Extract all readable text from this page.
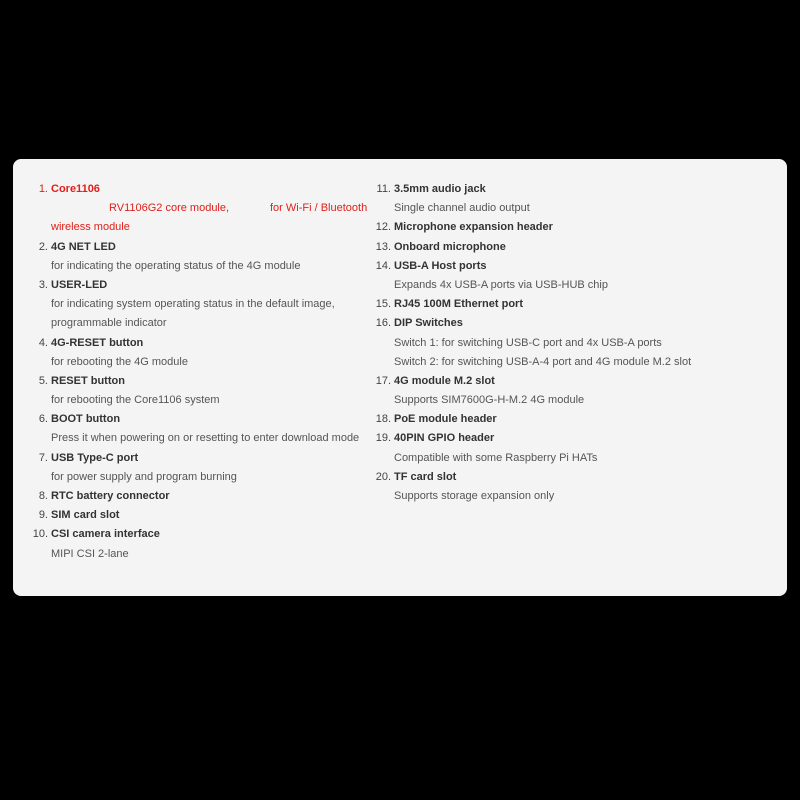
1. Core1106
RV1106G2 core module,	for Wi-Fi / Bluetooth
wireless module
2. 4G NET LED
for indicating the operating status of the 4G module
3. USER-LED
for indicating system operating status in the default image,
programmable indicator
4. 4G-RESET button
for rebooting the 4G module
5. RESET button
for rebooting the Core1106 system
6. BOOT button
Press it when powering on or resetting to enter download mode
7. USB Type-C port
for power supply and program burning
8. RTC battery connector
9. SIM card slot
10. CSI camera interface
MIPI CSI 2-lane
11. 3.5mm audio jack
Single channel audio output
12. Microphone expansion header
13. Onboard microphone
14. USB-A Host ports
Expands 4x USB-A ports via USB-HUB chip
15. RJ45 100M Ethernet port
16. DIP Switches
Switch 1: for switching USB-C port and 4x USB-A ports
Switch 2: for switching USB-A-4 port and 4G module M.2 slot
17. 4G module M.2 slot
Supports SIM7600G-H-M.2 4G module
18. PoE module header
19. 40PIN GPIO header
Compatible with some Raspberry Pi HATs
20. TF card slot
Supports storage expansion only
